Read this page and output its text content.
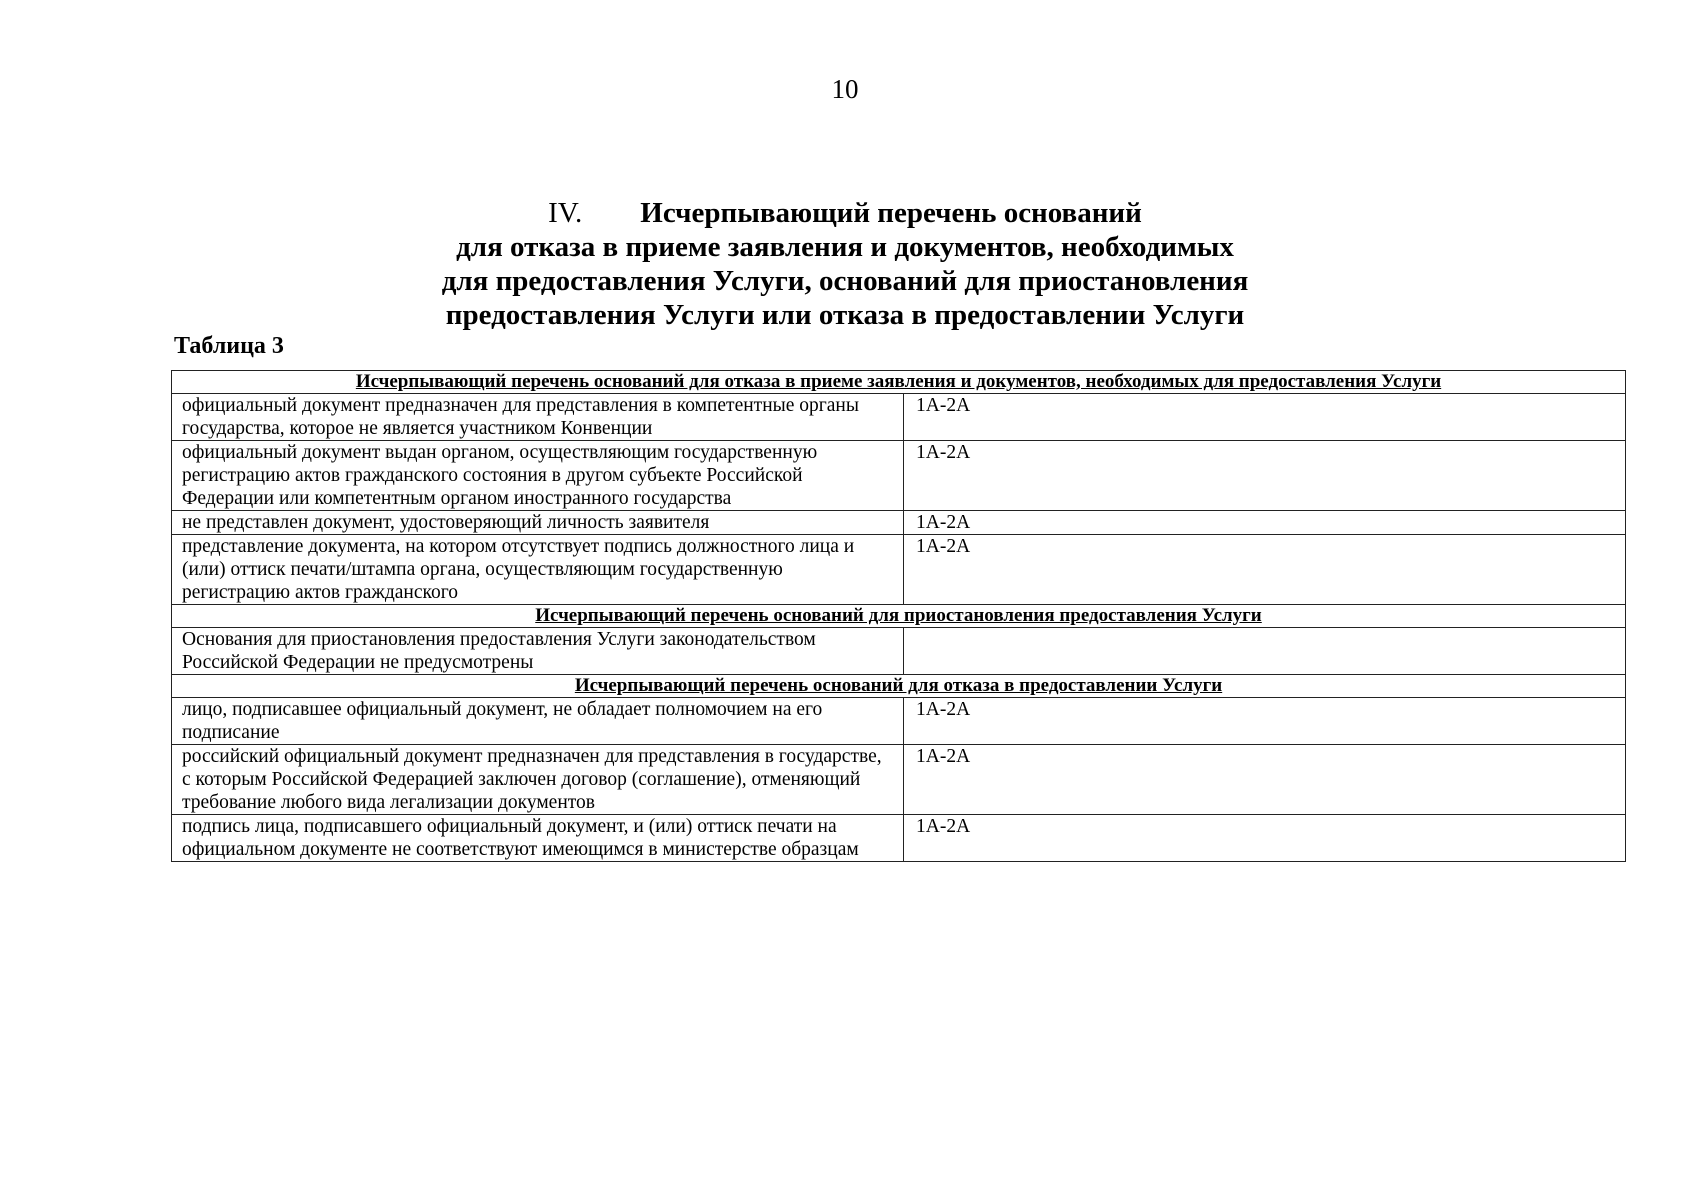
10
IV. Исчерпывающий перечень оснований
для отказа в приеме заявления и документов, необходимых
для предоставления Услуги, оснований для приостановления
предоставления Услуги или отказа в предоставлении Услуги
Таблица 3
Исчерпывающий перечень оснований для отказа в приеме заявления и документов, необходимых для предоставления Услуги	
официальный документ предназначен для представления в компетентные органы государства, которое не является участником Конвенции	1А-2А
официальный документ выдан органом, осуществляющим государственную регистрацию актов гражданского состояния в другом субъекте Российской Федерации или компетентным органом иностранного государства	1А-2А
не представлен документ, удостоверяющий личность заявителя	1А-2А
представление документа, на котором отсутствует подпись должностного лица и (или) оттиск печати/штампа органа, осуществляющим государственную регистрацию актов гражданского	1А-2А
Исчерпывающий перечень оснований для приостановления предоставления Услуги	
Основания для приостановления предоставления Услуги законодательством Российской Федерации не предусмотрены	
Исчерпывающий перечень оснований для отказа в предоставлении Услуги	
лицо, подписавшее официальный документ, не обладает полномочием на его подписание	1А-2А
российский официальный документ предназначен для представления в государстве, с которым Российской Федерацией заключен договор (соглашение), отменяющий требование любого вида легализации документов	1А-2А
подпись лица, подписавшего официальный документ, и (или) оттиск печати на официальном документе не соответствуют имеющимся в министерстве образцам	1А-2А
